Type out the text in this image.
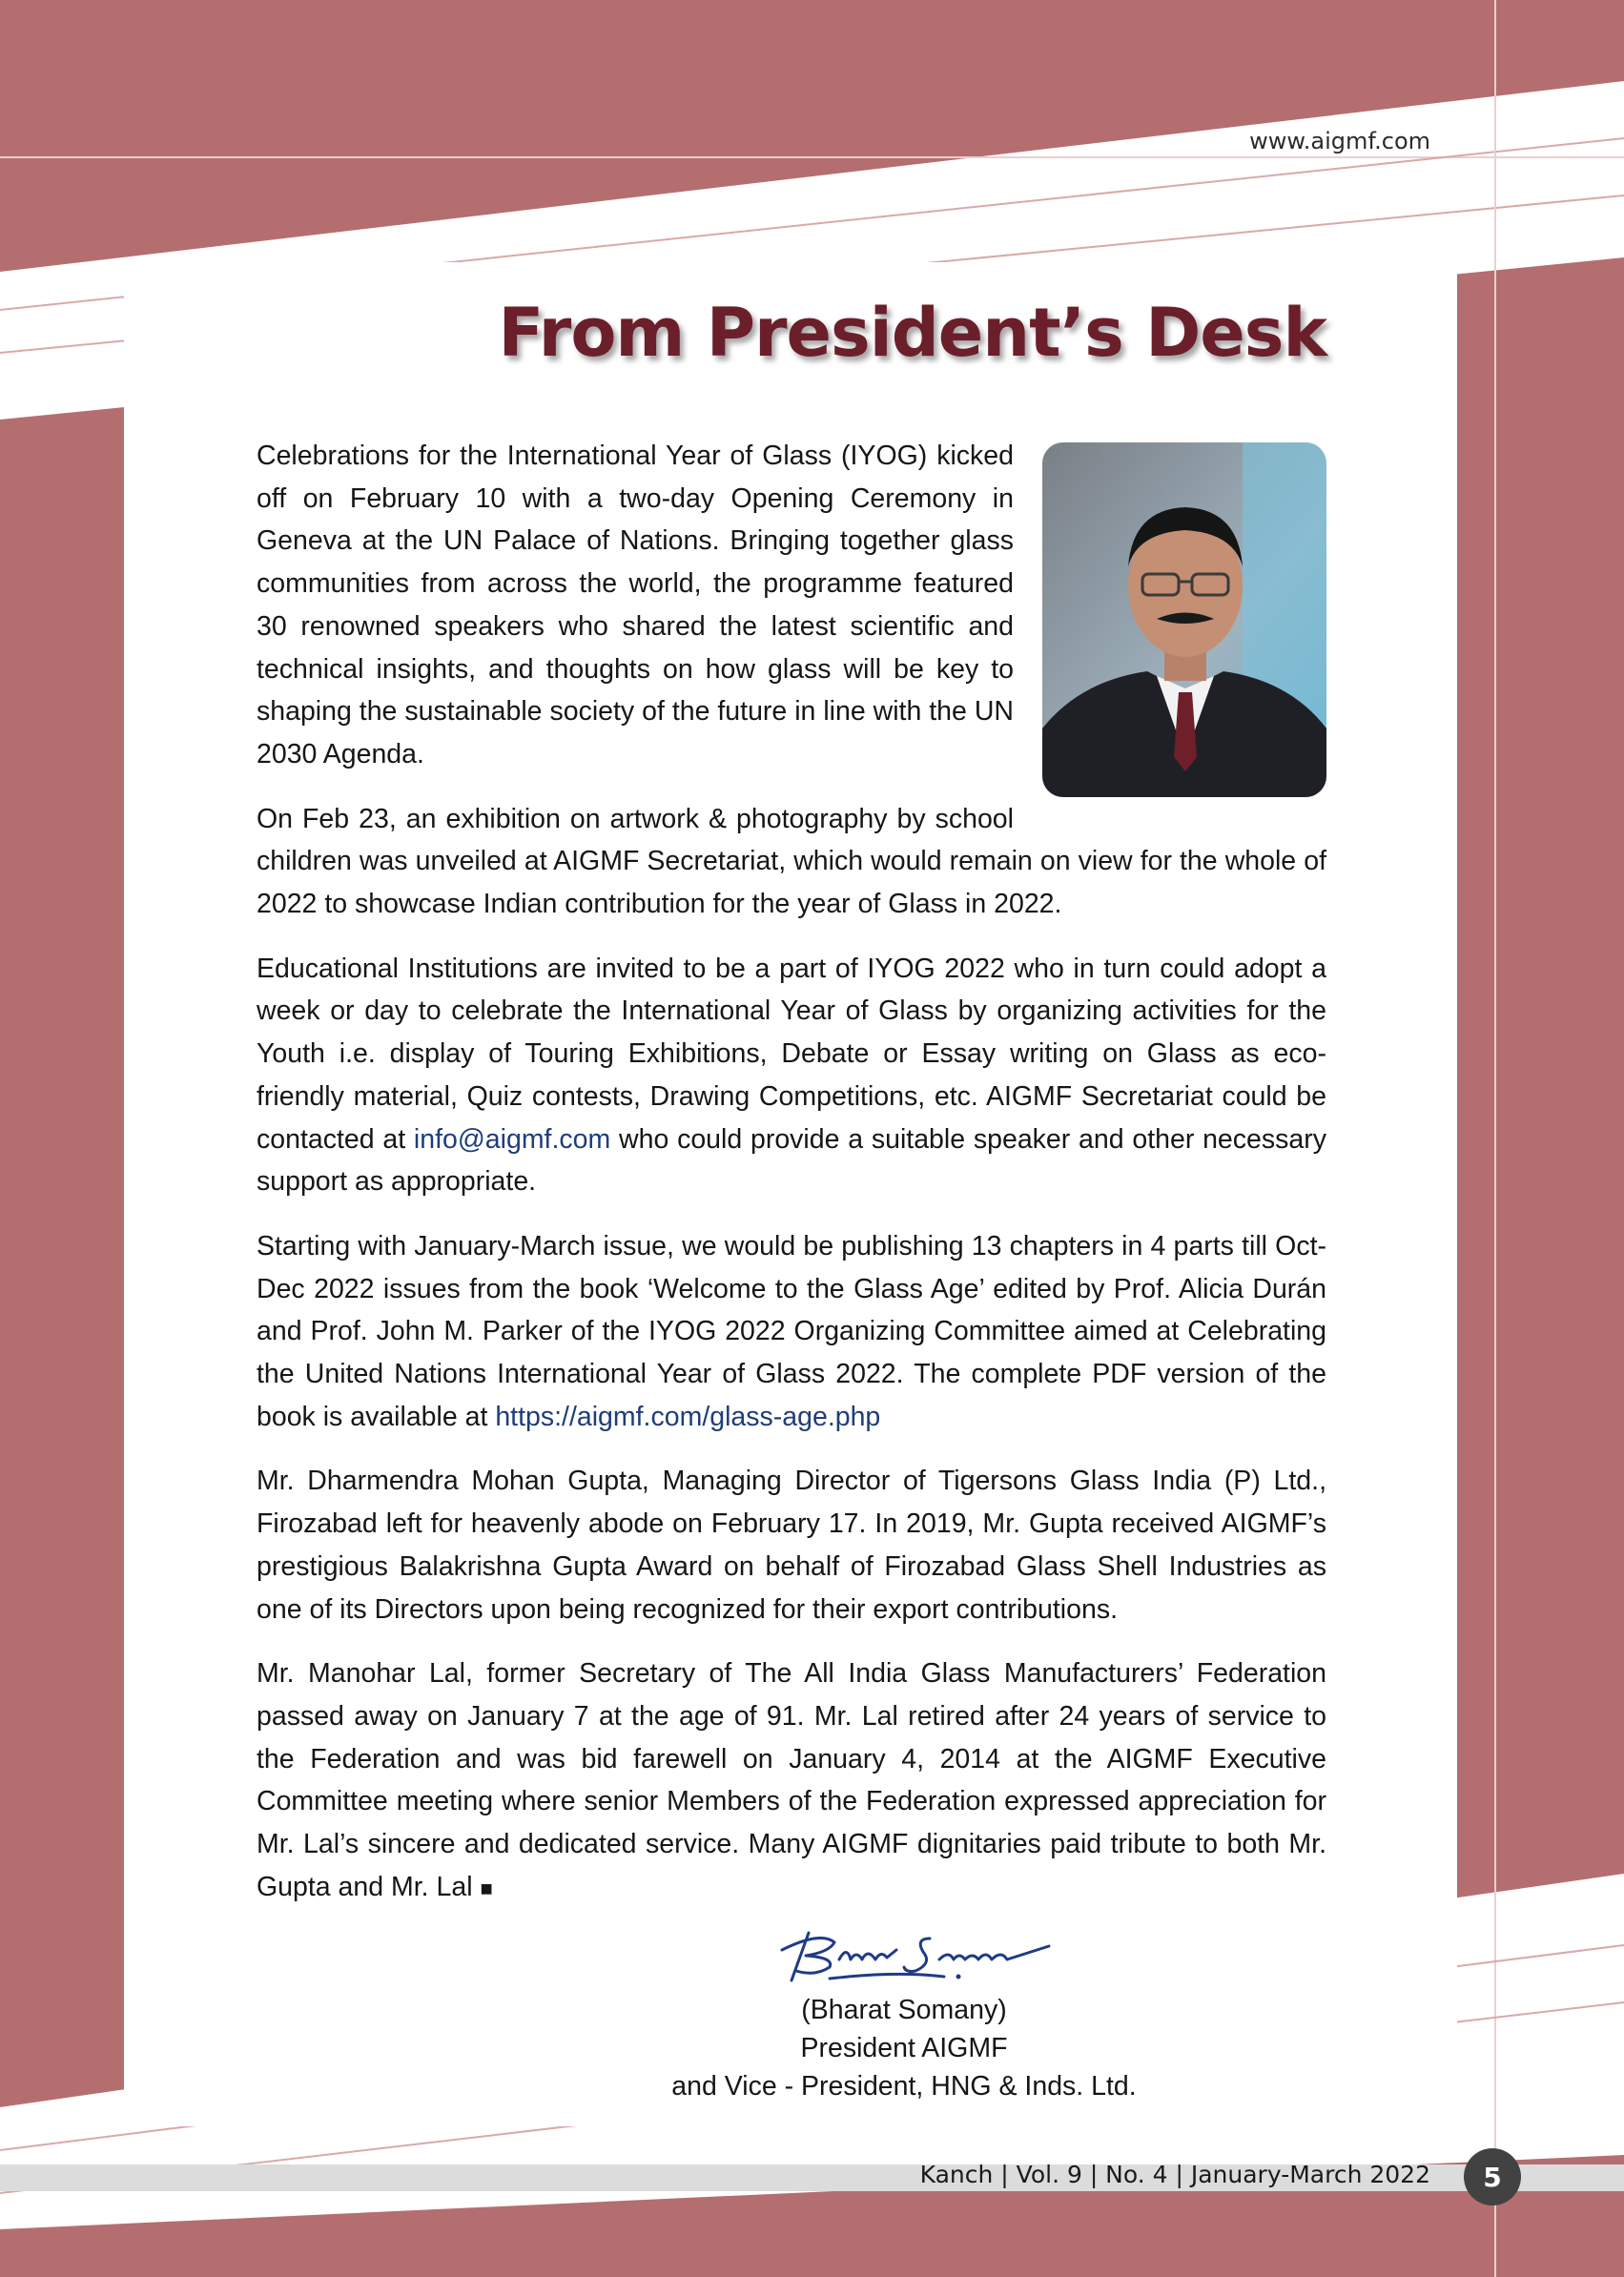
www.aigmf.com
From President’s Desk

Celebrations for the International Year of Glass (IYOG) kicked off on February 10 with a two-day Opening Ceremony in Geneva at the UN Palace of Nations. Bringing together glass communities from across the world, the programme featured 30 renowned speakers who shared the latest scientific and technical insights, and thoughts on how glass will be key to shaping the sustainable society of the future in line with the UN 2030 Agenda.

On Feb 23, an exhibition on artwork & photography by school children was unveiled at AIGMF Secretariat, which would remain on view for the whole of 2022 to showcase Indian contribution for the year of Glass in 2022.

Educational Institutions are invited to be a part of IYOG 2022 who in turn could adopt a week or day to celebrate the International Year of Glass by organizing activities for the Youth i.e. display of Touring Exhibitions, Debate or Essay writing on Glass as eco-friendly material, Quiz contests, Drawing Competitions, etc. AIGMF Secretariat could be contacted at info@aigmf.com who could provide a suitable speaker and other necessary support as appropriate.

Starting with January-March issue, we would be publishing 13 chapters in 4 parts till Oct-Dec 2022 issues from the book ‘Welcome to the Glass Age’ edited by Prof. Alicia Durán and Prof. John M. Parker of the IYOG 2022 Organizing Committee aimed at Celebrating the United Nations International Year of Glass 2022. The complete PDF version of the book is available at https://aigmf.com/glass-age.php

Mr. Dharmendra Mohan Gupta, Managing Director of Tigersons Glass India (P) Ltd., Firozabad left for heavenly abode on February 17. In 2019, Mr. Gupta received AIGMF’s prestigious Balakrishna Gupta Award on behalf of Firozabad Glass Shell Industries as one of its Directors upon being recognized for their export contributions.

Mr. Manohar Lal, former Secretary of The All India Glass Manufacturers’ Federation passed away on January 7 at the age of 91. Mr. Lal retired after 24 years of service to the Federation and was bid farewell on January 4, 2014 at the AIGMF Executive Committee meeting where senior Members of the Federation expressed appreciation for Mr. Lal’s sincere and dedicated service. Many AIGMF dignitaries paid tribute to both Mr. Gupta and Mr. Lal ■

(Bharat Somany)
President AIGMF
and Vice - President, HNG & Inds. Ltd.
Kanch | Vol. 9 | No. 4 | January-March 2022	5
